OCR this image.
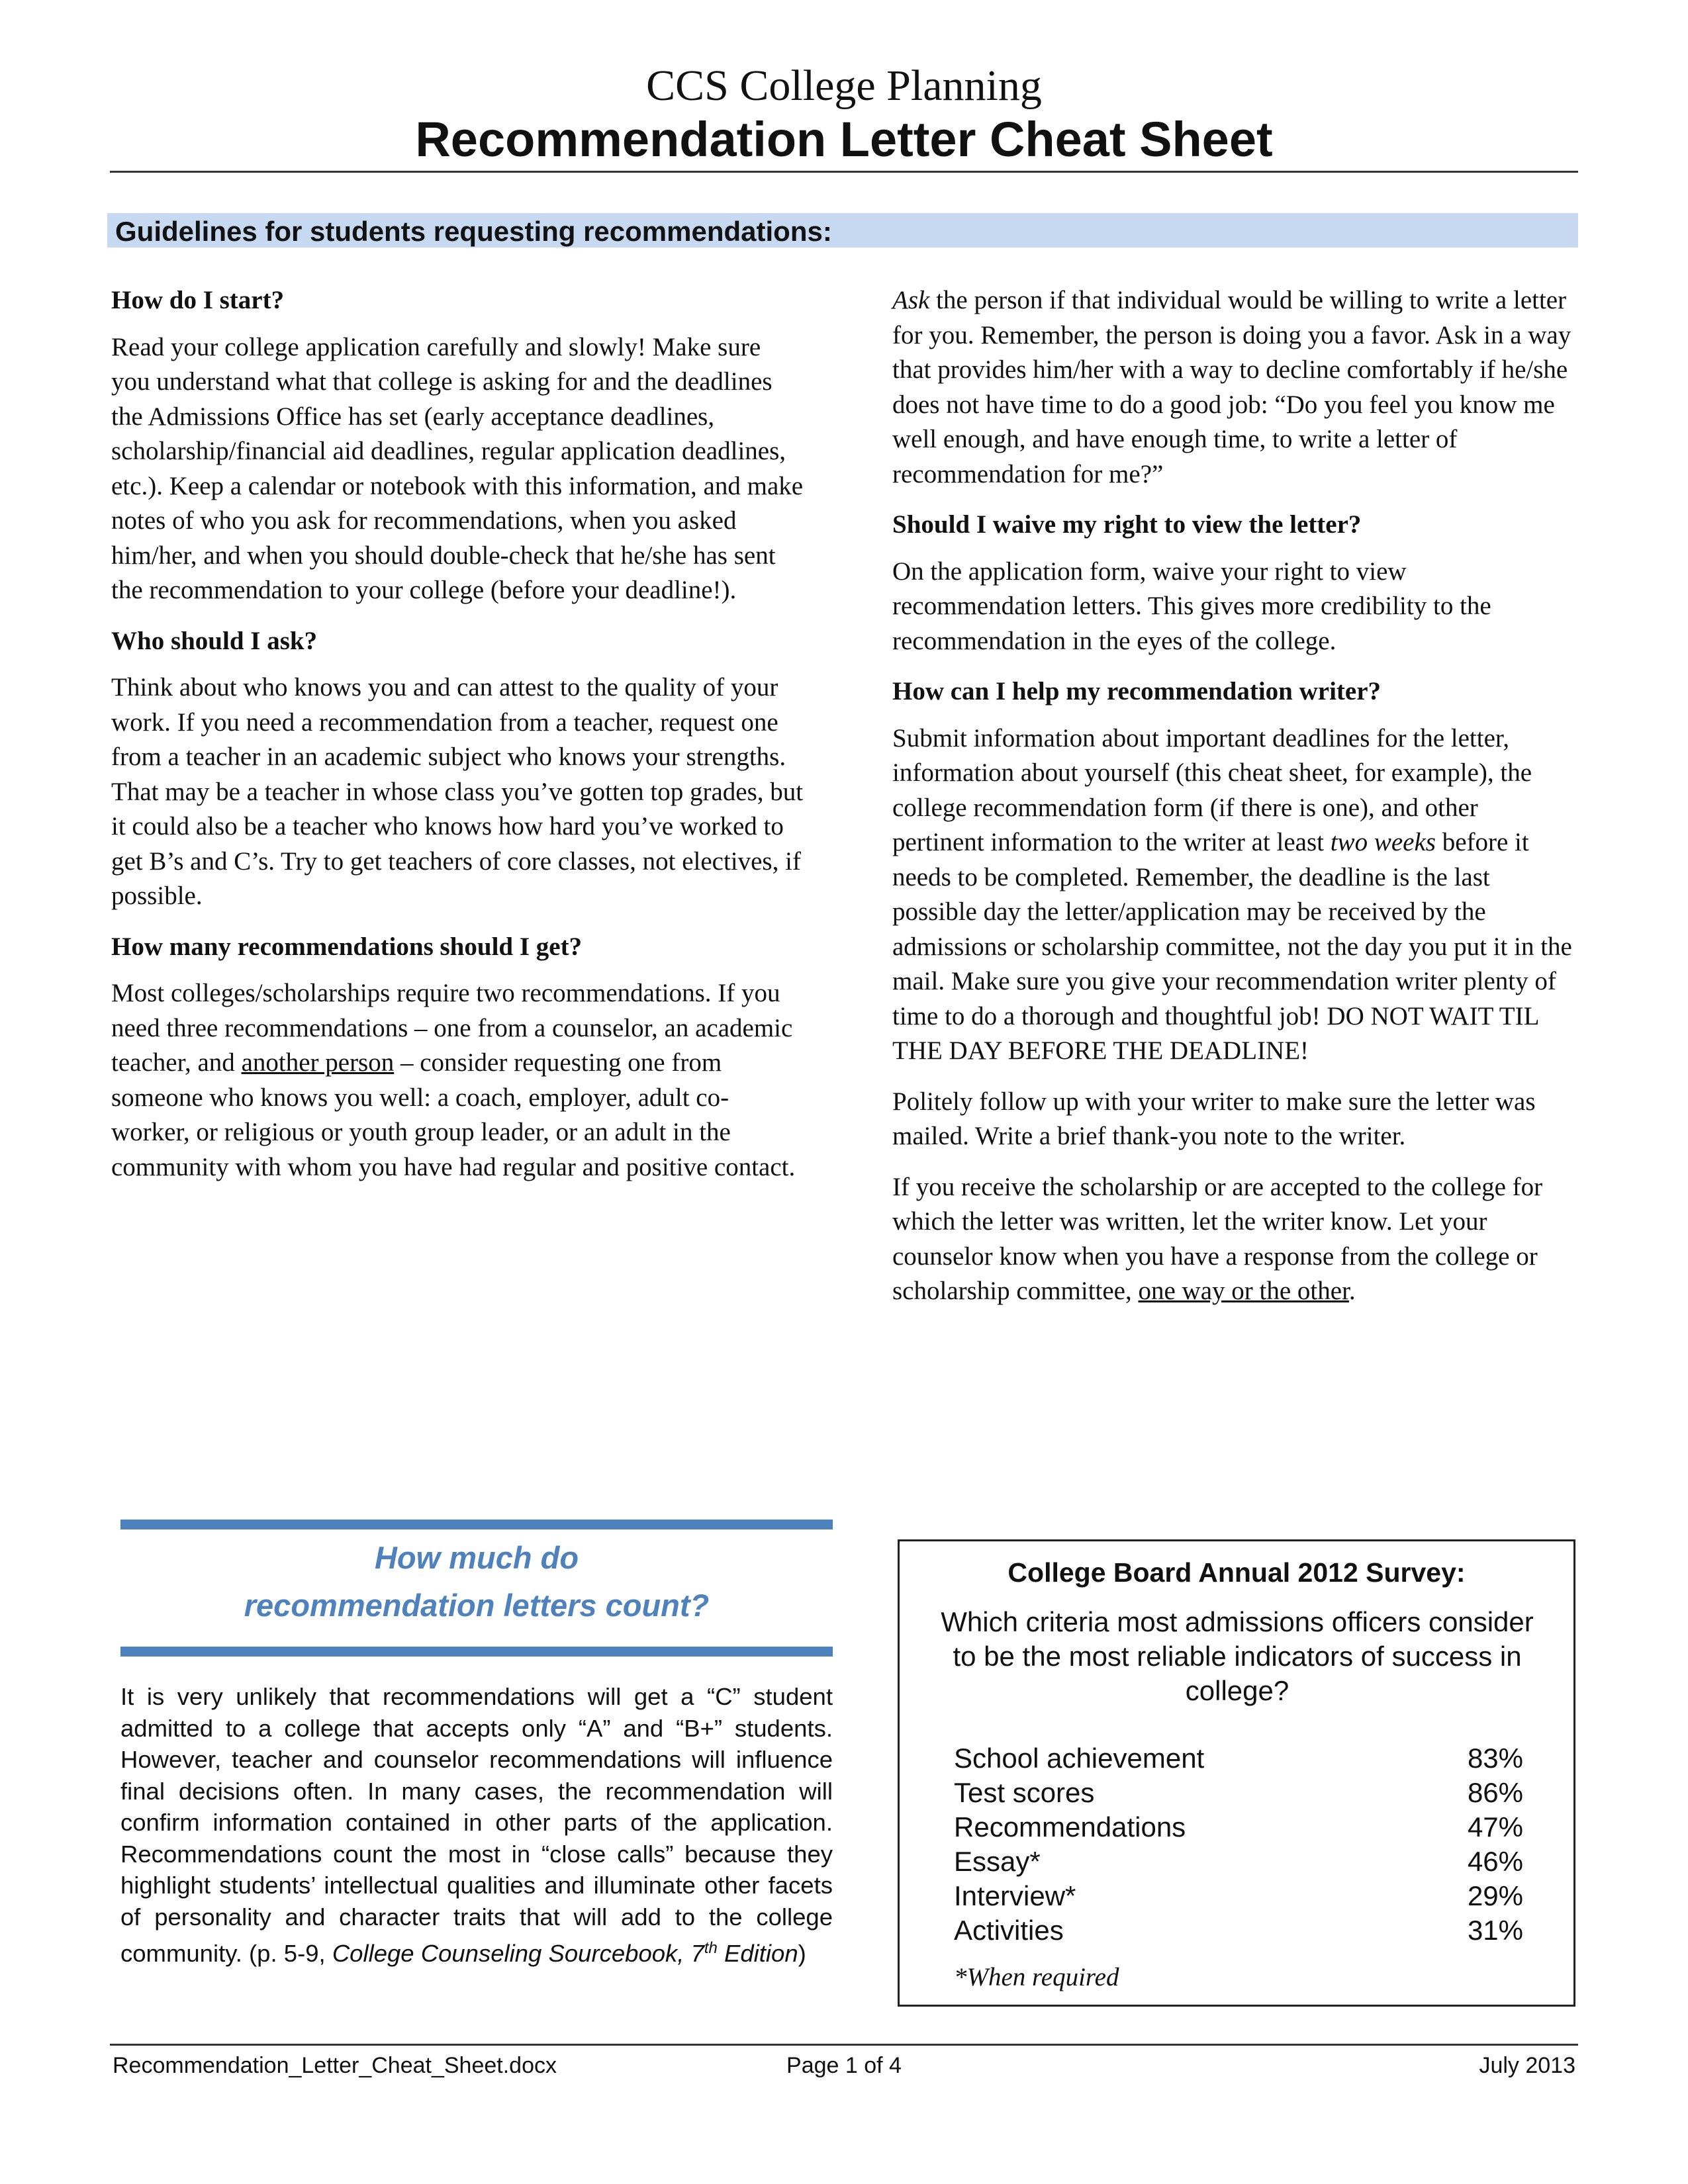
CCS College Planning
Recommendation Letter Cheat Sheet
Guidelines for students requesting recommendations:
How do I start?

Read your college application carefully and slowly! Make sure you understand what that college is asking for and the deadlines the Admissions Office has set (early acceptance deadlines, scholarship/financial aid deadlines, regular application deadlines, etc.). Keep a calendar or notebook with this information, and make notes of who you ask for recommendations, when you asked him/her, and when you should double-check that he/she has sent the recommendation to your college (before your deadline!).

Who should I ask?

Think about who knows you and can attest to the quality of your work. If you need a recommendation from a teacher, request one from a teacher in an academic subject who knows your strengths. That may be a teacher in whose class you’ve gotten top grades, but it could also be a teacher who knows how hard you’ve worked to get B’s and C’s. Try to get teachers of core classes, not electives, if possible.

How many recommendations should I get?

Most colleges/scholarships require two recommendations. If you need three recommendations – one from a counselor, an academic teacher, and another person – consider requesting one from someone who knows you well: a coach, employer, adult co-worker, or religious or youth group leader, or an adult in the community with whom you have had regular and positive contact.

Ask the person if that individual would be willing to write a letter for you. Remember, the person is doing you a favor. Ask in a way that provides him/her with a way to decline comfortably if he/she does not have time to do a good job: “Do you feel you know me well enough, and have enough time, to write a letter of recommendation for me?”

Should I waive my right to view the letter?

On the application form, waive your right to view recommendation letters. This gives more credibility to the recommendation in the eyes of the college.

How can I help my recommendation writer?

Submit information about important deadlines for the letter, information about yourself (this cheat sheet, for example), the college recommendation form (if there is one), and other pertinent information to the writer at least two weeks before it needs to be completed. Remember, the deadline is the last possible day the letter/application may be received by the admissions or scholarship committee, not the day you put it in the mail. Make sure you give your recommendation writer plenty of time to do a thorough and thoughtful job! DO NOT WAIT TIL THE DAY BEFORE THE DEADLINE!

Politely follow up with your writer to make sure the letter was mailed. Write a brief thank-you note to the writer.

If you receive the scholarship or are accepted to the college for which the letter was written, let the writer know. Let your counselor know when you have a response from the college or scholarship committee, one way or the other.

How much do
recommendation letters count?

It is very unlikely that recommendations will get a “C” student admitted to a college that accepts only “A” and “B+” students. However, teacher and counselor recommendations will influence final decisions often. In many cases, the recommendation will confirm information contained in other parts of the application. Recommendations count the most in “close calls” because they highlight students’ intellectual qualities and illuminate other facets of personality and character traits that will add to the college community. (p. 5-9, College Counseling Sourcebook, 7th Edition)

College Board Annual 2012 Survey:
Which criteria most admissions officers consider to be the most reliable indicators of success in college?
School achievement	83%
Test scores	86%
Recommendations	47%
Essay*	46%
Interview*	29%
Activities	31%
*When required
Recommendation_Letter_Cheat_Sheet.docx	Page 1 of 4	July 2013
